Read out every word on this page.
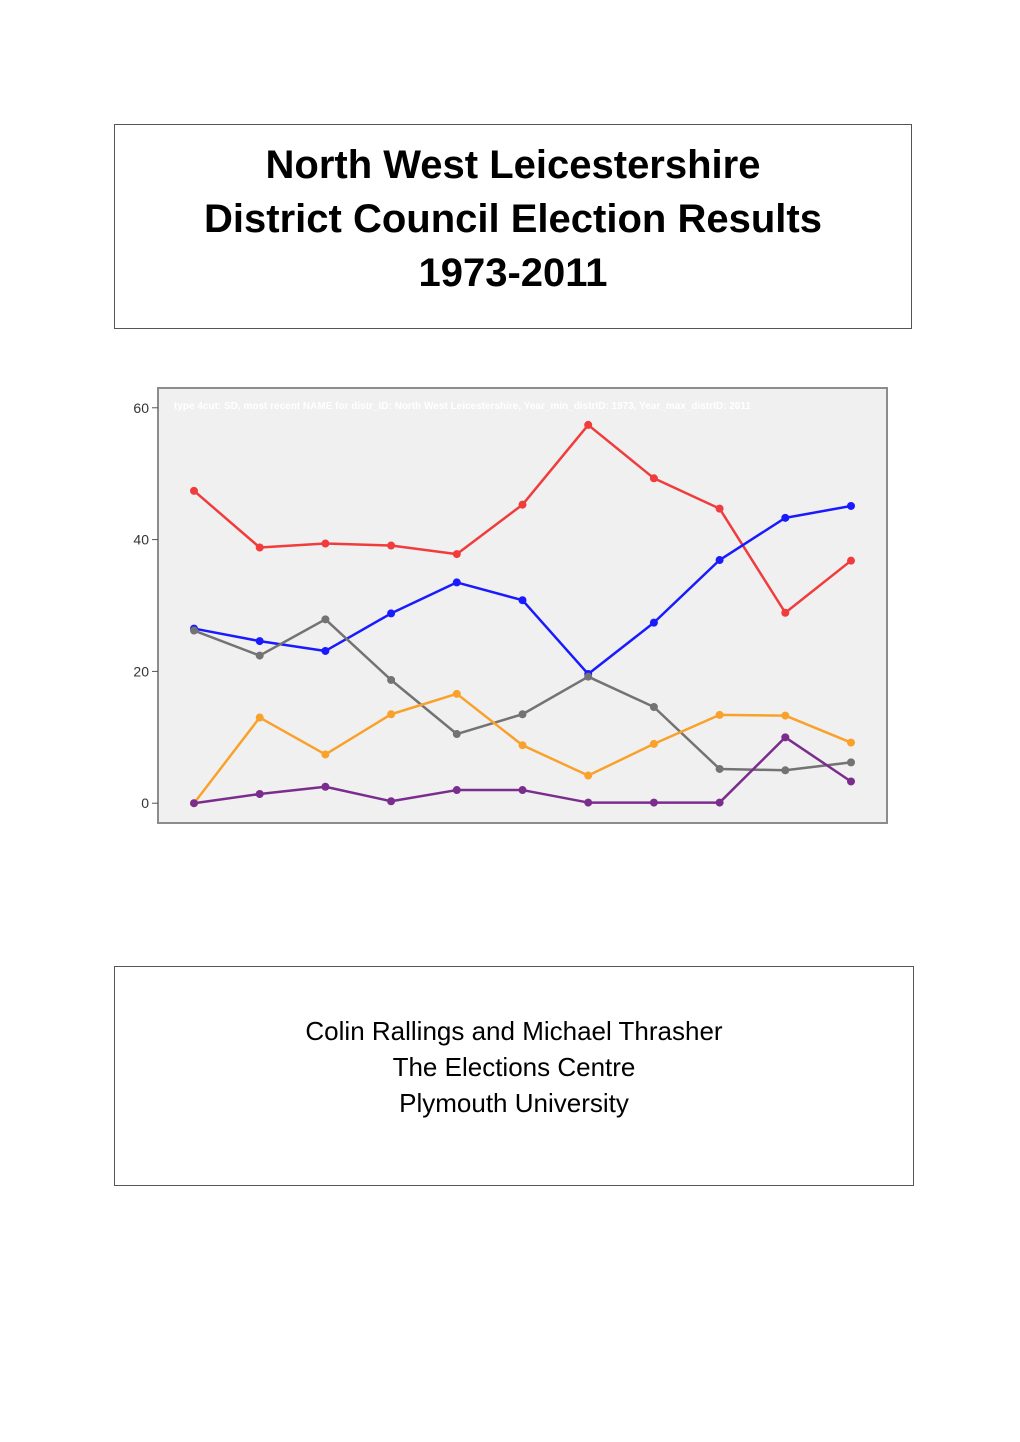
North West Leicestershire
District Council Election Results
1973-2011
type 4cut: SD, most recent NAME for distr_ID: North West Leicestershire, Year_min_distrID: 1973, Year_max_distrID: 2011
0
20
40
60
Colin Rallings and Michael Thrasher
The Elections Centre
Plymouth University
